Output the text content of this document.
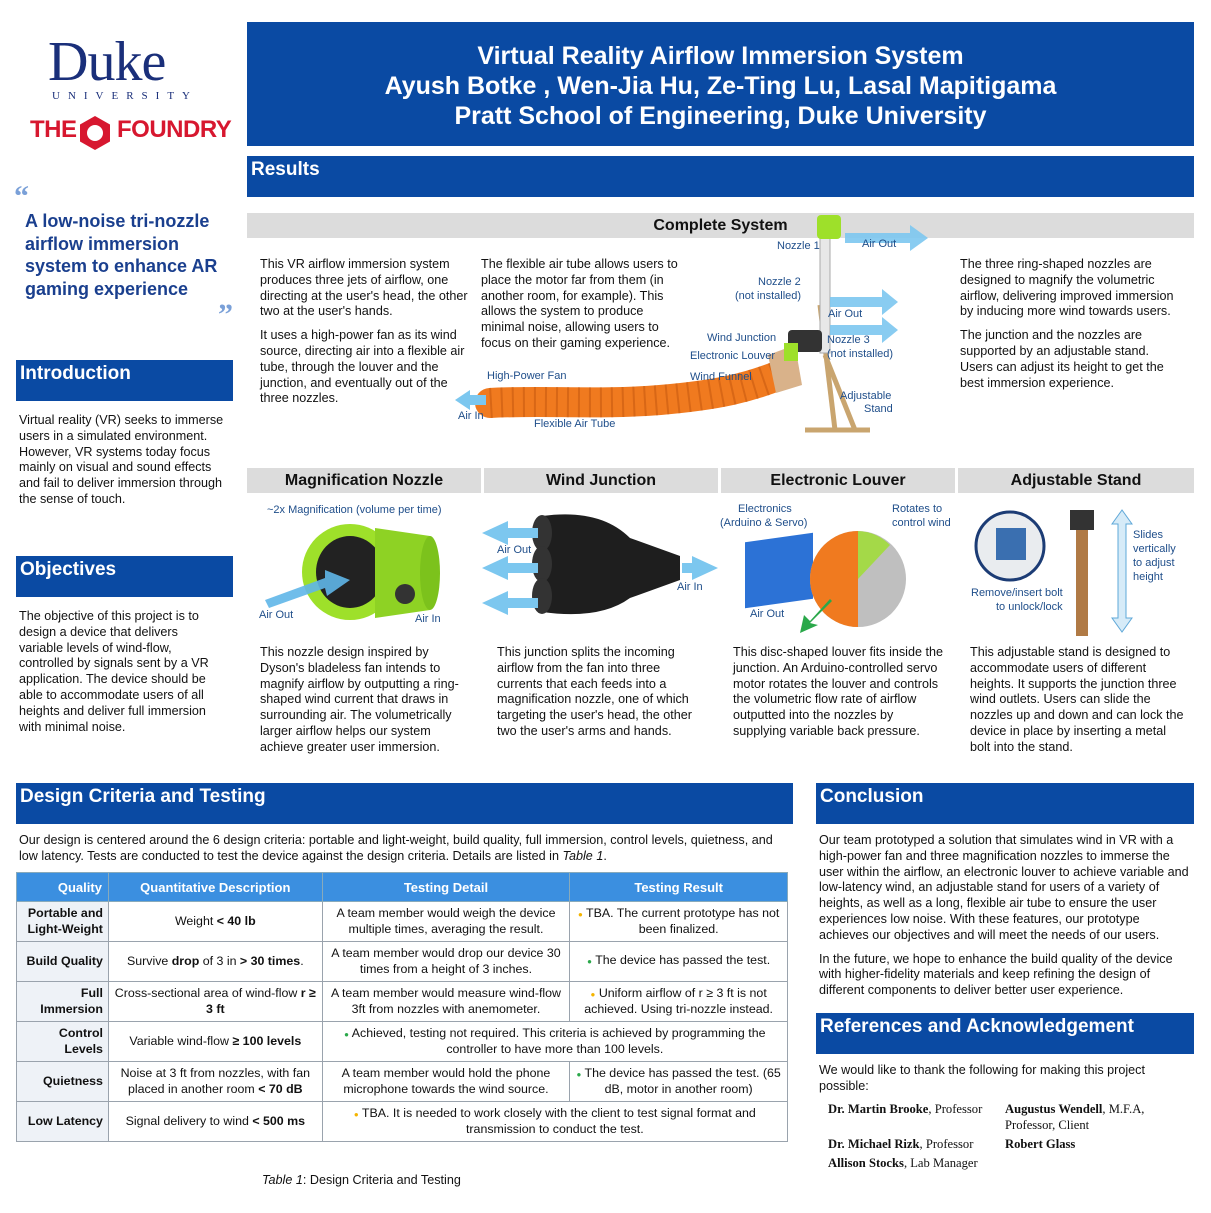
Duke
UNIVERSITY
THE FOUNDRY
“
A low-noise tri-nozzle airflow immersion system to enhance AR gaming experience
”
Introduction
Virtual reality (VR) seeks to immerse users in a simulated environment. However, VR systems today focus mainly on visual and sound effects and fail to deliver immersion through the sense of touch.
Objectives
The objective of this project is to design a device that delivers variable levels of wind-flow, controlled by signals sent by a VR application. The device should be able to accommodate users of all heights and deliver full immersion with minimal noise.
Virtual Reality Airflow Immersion System
Ayush Botke , Wen-Jia Hu, Ze-Ting Lu, Lasal Mapitigama
Pratt School of Engineering, Duke University
Results
Complete System

This VR airflow immersion system produces three jets of airflow, one directing at the user's head, the other two at the user's hands.

It uses a high-power fan as its wind source, directing air into a flexible air tube, through the louver and the junction, and eventually out of the three nozzles.

The flexible air tube allows users to place the motor far from them (in another room, for example). This allows the system to produce minimal noise, allowing users to focus on their gaming experience.

The three ring-shaped nozzles are designed to magnify the volumetric airflow, delivering improved immersion by inducing more wind towards users.

The junction and the nozzles are supported by an adjustable stand. Users can adjust its height to get the best immersion experience.

Nozzle 1	Air Out
Nozzle 2
(not installed)
Air Out
Wind Junction	Nozzle 3
(not installed)
Electronic Louver
High-Power Fan	Wind Funnel
Adjustable
Stand
Air In
Flexible Air Tube
Magnification Nozzle	Wind Junction	Electronic Louver	Adjustable Stand
~2x Magnification (volume per time)
Air Out	Air In
Air Out
Air In
Electronics
(Arduino & Servo)
Rotates to
control wind
Air Out
Slides
vertically
to adjust
height
Remove/insert bolt
to unlock/lock
This nozzle design inspired by Dyson's bladeless fan intends to magnify airflow by outputting a ring-shaped wind current that draws in surrounding air. The volumetrically larger airflow helps our system achieve greater user immersion.
This junction splits the incoming airflow from the fan into three currents that each feeds into a magnification nozzle, one of which targeting the user's head, the other two the user's arms and hands.
This disc-shaped louver fits inside the junction. An Arduino-controlled servo motor rotates the louver and controls the volumetric flow rate of airflow outputted into the nozzles by supplying variable back pressure.
This adjustable stand is designed to accommodate users of different heights. It supports the junction three wind outlets. Users can slide the nozzles up and down and can lock the device in place by inserting a metal bolt into the stand.
Design Criteria and Testing
Our design is centered around the 6 design criteria: portable and light-weight, build quality, full immersion, control levels, quietness, and low latency. Tests are conducted to test the device against the design criteria. Details are listed in Table 1.
Quality	Quantitative Description	Testing Detail	Testing Result
Portable and
Light-Weight	Weight < 40 lb	A team member would weigh the device multiple times, averaging the result.	● TBA. The current prototype has not been finalized.
Build Quality	Survive drop of 3 in > 30 times.	A team member would drop our device 30 times from a height of 3 inches.	● The device has passed the test.
Full
Immersion	Cross-sectional area of wind-flow r ≥ 3 ft	A team member would measure wind-flow 3ft from nozzles with anemometer.	● Uniform airflow of r ≥ 3 ft is not achieved. Using tri-nozzle instead.
Control
Levels	Variable wind-flow ≥ 100 levels	● Achieved, testing not required. This criteria is achieved by programming the controller to have more than 100 levels.	
Quietness	Noise at 3 ft from nozzles, with fan placed in another room < 70 dB	A team member would hold the phone microphone towards the wind source.	● The device has passed the test. (65 dB, motor in another room)
Low Latency	Signal delivery to wind < 500 ms	● TBA. It is needed to work closely with the client to test signal format and transmission to conduct the test.	
Table 1: Design Criteria and Testing
Conclusion

Our team prototyped a solution that simulates wind in VR with a high-power fan and three magnification nozzles to immerse the user within the airflow, an electronic louver to achieve variable and low-latency wind, an adjustable stand for users of a variety of heights, as well as a long, flexible air tube to ensure the user experiences low noise. With these features, our prototype achieves our objectives and will meet the needs of our users.

In the future, we hope to enhance the build quality of the device with higher-fidelity materials and keep refining the design of different components to deliver better user experience.

References and Acknowledgement
We would like to thank the following for making this project possible:
Dr. Martin Brooke, Professor Augustus Wendell, M.F.A,
Professor, Client
Dr. Michael Rizk, Professor	Robert Glass
Allison Stocks, Lab Manager
